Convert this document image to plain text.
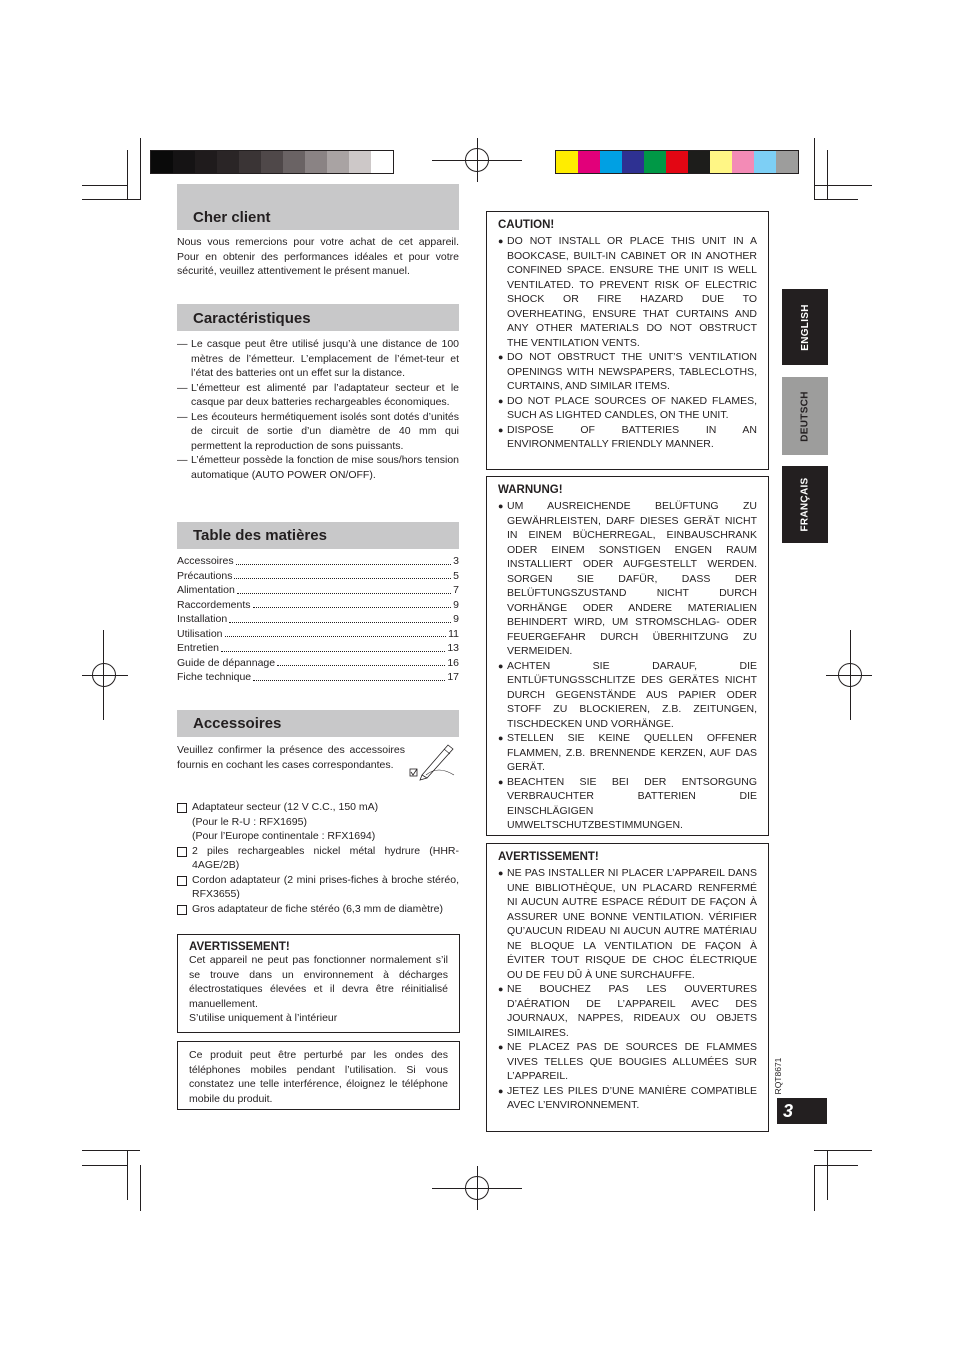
Cher client
Nous vous remercions pour votre achat de cet appareil. Pour en obtenir des performances idéales et pour votre sécurité, veuillez attentivement le présent manuel.
Caractéristiques
— Le casque peut être utilisé jusqu’à une distance de 100 mètres de l’émetteur. L’emplacement de l’émet-teur et l’état des batteries ont un effet sur la distance.
— L’émetteur est alimenté par l’adaptateur secteur et le casque par deux batteries rechargeables économiques.
— Les écouteurs hermétiquement isolés sont dotés d’unités de circuit de sortie d’un diamètre de 40 mm qui permettent la reproduction de sons puissants.
— L’émetteur possède la fonction de mise sous/hors tension automatique (AUTO POWER ON/OFF).
Table des matières
Accessoires	3
Précautions	5
Alimentation	7
Raccordements	9
Installation	9
Utilisation	11
Entretien	13
Guide de dépannage	16
Fiche technique	17
Accessoires
Veuillez confirmer la présence des accessoires fournis en cochant les cases correspondantes.
Adaptateur secteur (12 V C.C., 150 mA)
(Pour le R-U : RFX1695)
(Pour l’Europe continentale : RFX1694)
2 piles rechargeables nickel métal hydrure (HHR-4AGE/2B)
Cordon adaptateur (2 mini prises-fiches à broche stéréo, RFX3655)
Gros adaptateur de fiche stéréo (6,3 mm de diamètre)
AVERTISSEMENT!
Cet appareil ne peut pas fonctionner normalement s’il se trouve dans un environnement à décharges électrostatiques élevées et il devra être réinitialisé manuellement.
S’utilise uniquement à l’intérieur
Ce produit peut être perturbé par les ondes des téléphones mobiles pendant l’utilisation. Si vous constatez une telle interférence, éloignez le téléphone mobile du produit.
CAUTION!
● DO NOT INSTALL OR PLACE THIS UNIT IN A BOOKCASE, BUILT-IN CABINET OR IN ANOTHER CONFINED SPACE. ENSURE THE UNIT IS WELL VENTILATED. TO PREVENT RISK OF ELECTRIC SHOCK OR FIRE HAZARD DUE TO OVERHEATING, ENSURE THAT CURTAINS AND ANY OTHER MATERIALS DO NOT OBSTRUCT THE VENTILATION VENTS.
● DO NOT OBSTRUCT THE UNIT’S VENTILATION OPENINGS WITH NEWSPAPERS, TABLECLOTHS, CURTAINS, AND SIMILAR ITEMS.
● DO NOT PLACE SOURCES OF NAKED FLAMES, SUCH AS LIGHTED CANDLES, ON THE UNIT.
● DISPOSE OF BATTERIES IN AN ENVIRONMENTALLY FRIENDLY MANNER.
WARNUNG!
● UM AUSREICHENDE BELÜFTUNG ZU GEWÄHRLEISTEN, DARF DIESES GERÄT NICHT IN EINEM BÜCHERREGAL, EINBAUSCHRANK ODER EINEM SONSTIGEN ENGEN RAUM INSTALLIERT ODER AUFGESTELLT WERDEN. SORGEN SIE DAFÜR, DASS DER BELÜFTUNGSZUSTAND NICHT DURCH VORHÄNGE ODER ANDERE MATERIALIEN BEHINDERT WIRD, UM STROMSCHLAG- ODER FEUERGEFAHR DURCH ÜBERHITZUNG ZU VERMEIDEN.
● ACHTEN SIE DARAUF, DIE ENTLÜFTUNGSSCHLITZE DES GERÄTES NICHT DURCH GEGENSTÄNDE AUS PAPIER ODER STOFF ZU BLOCKIEREN, Z.B. ZEITUNGEN, TISCHDECKEN UND VORHÄNGE.
● STELLEN SIE KEINE QUELLEN OFFENER FLAMMEN, Z.B. BRENNENDE KERZEN, AUF DAS GERÄT.
● BEACHTEN SIE BEI DER ENTSORGUNG VERBRAUCHTER BATTERIEN DIE EINSCHLÄGIGEN UMWELTSCHUTZBESTIMMUNGEN.
AVERTISSEMENT!
● NE PAS INSTALLER NI PLACER L’APPAREIL DANS UNE BIBLIOTHÈQUE, UN PLACARD RENFERMÉ NI AUCUN AUTRE ESPACE RÉDUIT DE FAÇON À ASSURER UNE BONNE VENTILATION. VÉRIFIER QU’AUCUN RIDEAU NI AUCUN AUTRE MATÉRIAU NE BLOQUE LA VENTILATION DE FAÇON À ÉVITER TOUT RISQUE DE CHOC ÉLECTRIQUE OU DE FEU DÛ À UNE SURCHAUFFE.
● NE BOUCHEZ PAS LES OUVERTURES D’AÉRATION DE L’APPAREIL AVEC DES JOURNAUX, NAPPES, RIDEAUX OU OBJETS SIMILAIRES.
● NE PLACEZ PAS DE SOURCES DE FLAMMES VIVES TELLES QUE BOUGIES ALLUMÉES SUR L’APPAREIL.
● JETEZ LES PILES D’UNE MANIÈRE COMPATIBLE AVEC L’ENVIRONNEMENT.
ENGLISH
DEUTSCH
FRANÇAIS
RQT8671
3
